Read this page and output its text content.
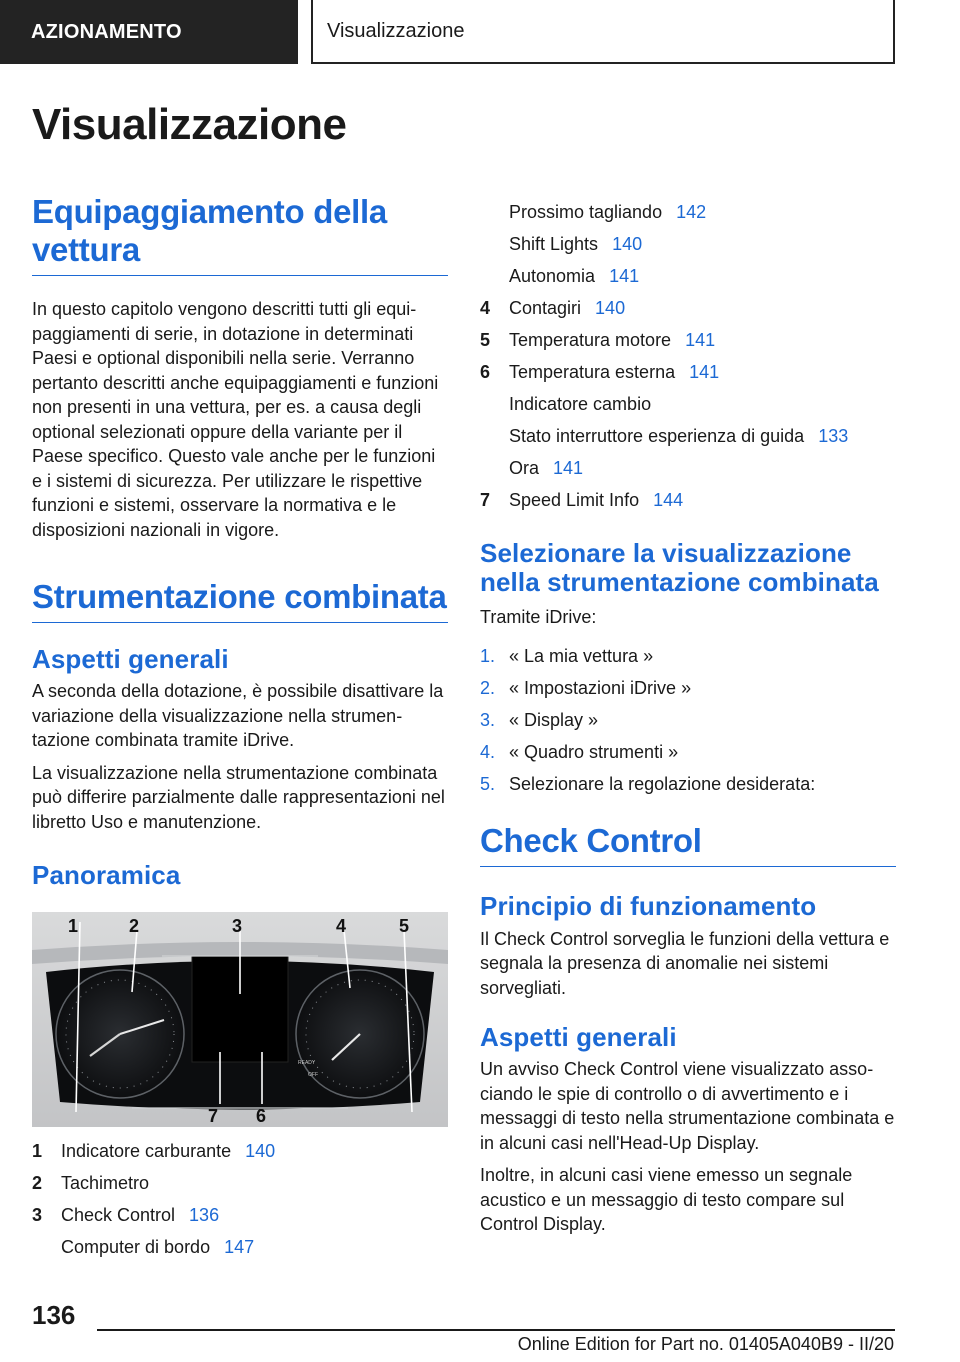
AZIONAMENTO	Visualizzazione
Visualizzazione
Equipaggiamento della vettura

In questo capitolo vengono descritti tutti gli equipaggiamenti di serie, in dotazione in determinati Paesi e optional disponibili nella serie. Verranno pertanto descritti anche equipaggiamenti e funzioni non presenti in una vettura, per es. a causa degli optional selezionati oppure della variante per il Paese specifico. Questo vale anche per le funzioni e i sistemi di sicurezza. Per utilizzare le rispettive funzioni e sistemi, osservare la normativa e le disposizioni nazionali in vigore.

Strumentazione combinata
Aspetti generali

A seconda della dotazione, è possibile disattivare la variazione della visualizzazione nella strumentazione combinata tramite iDrive.

La visualizzazione nella strumentazione combinata può differire parzialmente dalle rappresentazioni nel libretto Uso e manutenzione.

Panoramica
READY
OFF
1	2	3	4	5
7 6
1	Indicatore carburante 140
2	Tachimetro
3	Check Control 136
Computer di bordo 147
Prossimo tagliando 142
Shift Lights 140
Autonomia 141
4	Contagiri 140
5	Temperatura motore 141
6	Temperatura esterna 141
Indicatore cambio
Stato interruttore esperienza di guida 133
Ora 141
7	Speed Limit Info 144
Selezionare la visualizzazione nella strumentazione combinata

Tramite iDrive:

1. « La mia vettura »
2. « Impostazioni iDrive »
3. « Display »
4. « Quadro strumenti »
5. Selezionare la regolazione desiderata:
Check Control
Principio di funzionamento

Il Check Control sorveglia le funzioni della vettura e segnala la presenza di anomalie nei sistemi sorvegliati.

Aspetti generali

Un avviso Check Control viene visualizzato associando le spie di controllo o di avvertimento e i messaggi di testo nella strumentazione combinata e in alcuni casi nell'Head-Up Display.

Inoltre, in alcuni casi viene emesso un segnale acustico e un messaggio di testo compare sul Control Display.

136
Online Edition for Part no. 01405A040B9 - II/20
